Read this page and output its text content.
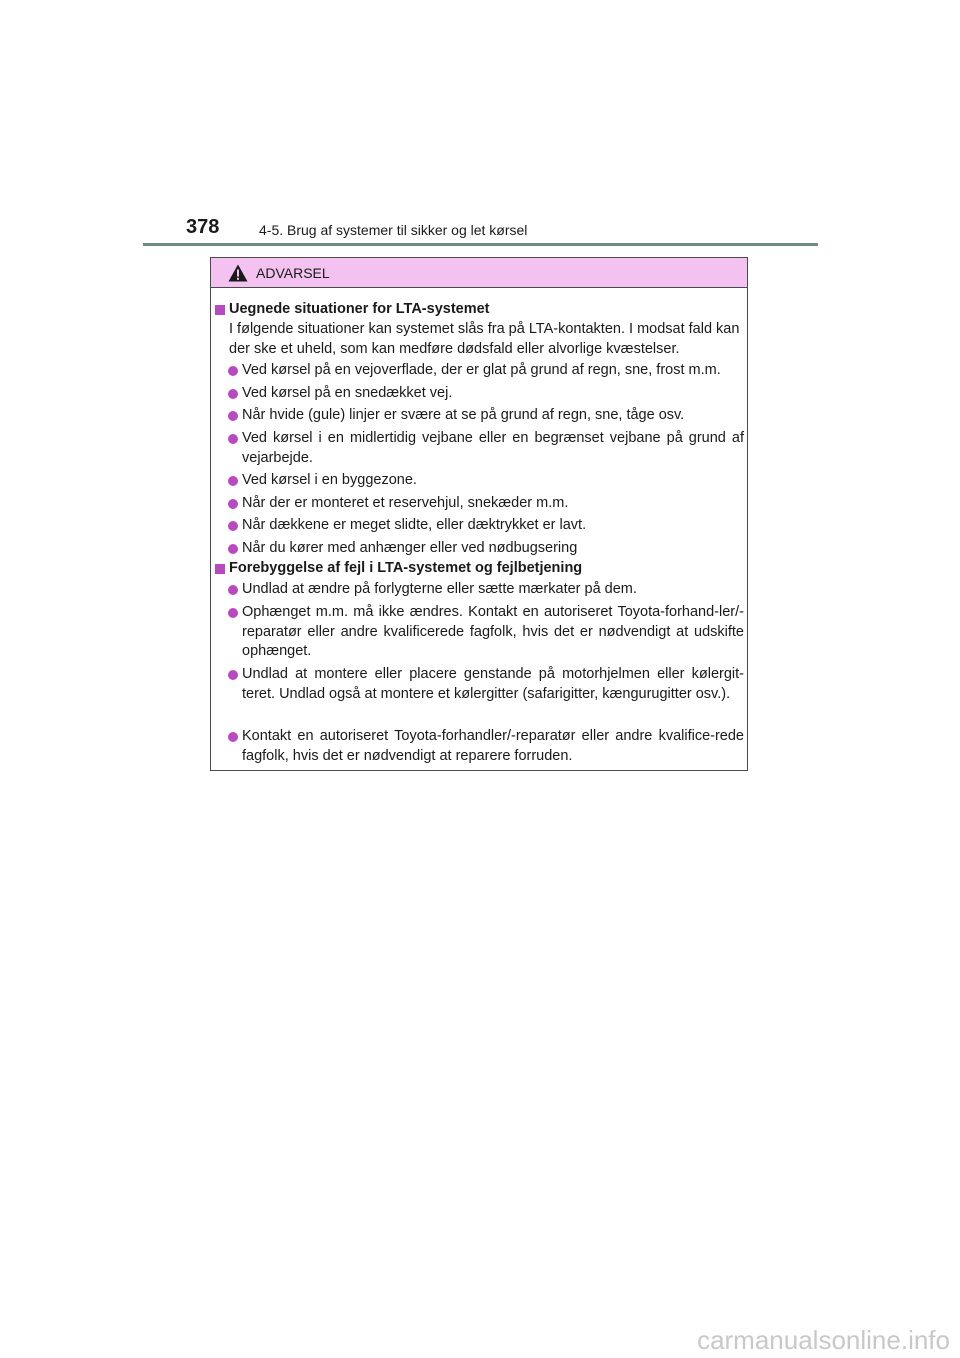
378	4-5. Brug af systemer til sikker og let kørsel
ADVARSEL
Uegnede situationer for LTA-systemet
I følgende situationer kan systemet slås fra på LTA-kontakten. I modsat fald kan der ske et uheld, som kan medføre dødsfald eller alvorlige kvæstelser.
Ved kørsel på en vejoverflade, der er glat på grund af regn, sne, frost m.m.
Ved kørsel på en snedækket vej.
Når hvide (gule) linjer er svære at se på grund af regn, sne, tåge osv.
Ved kørsel i en midlertidig vejbane eller en begrænset vejbane på grund af vejarbejde.
Ved kørsel i en byggezone.
Når der er monteret et reservehjul, snekæder m.m.
Når dækkene er meget slidte, eller dæktrykket er lavt.
Når du kører med anhænger eller ved nødbugsering
Forebyggelse af fejl i LTA-systemet og fejlbetjening
Undlad at ændre på forlygterne eller sætte mærkater på dem.
Ophænget m.m. må ikke ændres. Kontakt en autoriseret Toyota-forhand-ler/-reparatør eller andre kvalificerede fagfolk, hvis det er nødvendigt at udskifte ophænget.
Undlad at montere eller placere genstande på motorhjelmen eller kølergit-teret. Undlad også at montere et kølergitter (safarigitter, kængurugitter osv.).
Kontakt en autoriseret Toyota-forhandler/-reparatør eller andre kvalifice-rede fagfolk, hvis det er nødvendigt at reparere forruden.
carmanualsonline.info
